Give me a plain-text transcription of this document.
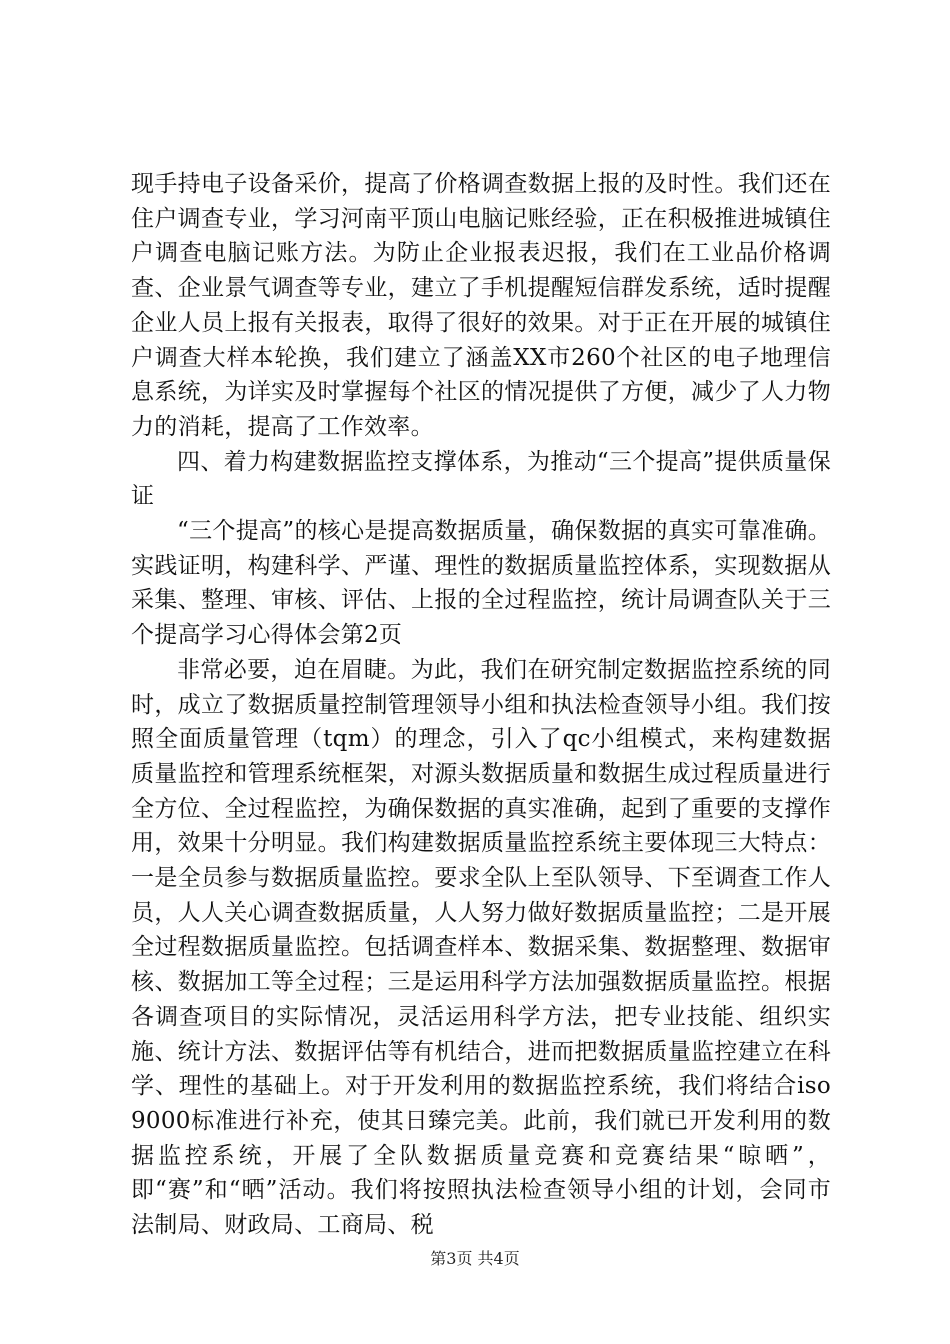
现手持电子设备采价，提高了价格调查数据上报的及时性。我们还在住户调查专业，学习河南平顶山电脑记账经验，正在积极推进城镇住户调查电脑记账方法。为防止企业报表迟报，我们在工业品价格调查、企业景气调查等专业，建立了手机提醒短信群发系统，适时提醒企业人员上报有关报表，取得了很好的效果。对于正在开展的城镇住户调查大样本轮换，我们建立了涵盖XX市260个社区的电子地理信息系统，为详实及时掌握每个社区的情况提供了方便，减少了人力物力的消耗，提高了工作效率。

四、着力构建数据监控支撑体系，为推动“三个提高”提供质量保证

“三个提高”的核心是提高数据质量，确保数据的真实可靠准确。实践证明，构建科学、严谨、理性的数据质量监控体系，实现数据从采集、整理、审核、评估、上报的全过程监控，统计局调查队关于三个提高学习心得体会第2页

非常必要，迫在眉睫。为此，我们在研究制定数据监控系统的同时，成立了数据质量控制管理领导小组和执法检查领导小组。我们按照全面质量管理（tqm）的理念，引入了qc小组模式，来构建数据质量监控和管理系统框架，对源头数据质量和数据生成过程质量进行全方位、全过程监控，为确保数据的真实准确，起到了重要的支撑作用，效果十分明显。我们构建数据质量监控系统主要体现三大特点：一是全员参与数据质量监控。要求全队上至队领导、下至调查工作人员，人人关心调查数据质量，人人努力做好数据质量监控；二是开展全过程数据质量监控。包括调查样本、数据采集、数据整理、数据审核、数据加工等全过程；三是运用科学方法加强数据质量监控。根据各调查项目的实际情况，灵活运用科学方法，把专业技能、组织实施、统计方法、数据评估等有机结合，进而把数据质量监控建立在科学、理性的基础上。对于开发利用的数据监控系统，我们将结合iso9000标准进行补充，使其日臻完美。此前，我们就已开发利用的数据监控系统，开展了全队数据质量竞赛和竞赛结果“晾晒”，即“赛”和“晒”活动。我们将按照执法检查领导小组的计划，会同市法制局、财政局、工商局、税

第3页 共4页
